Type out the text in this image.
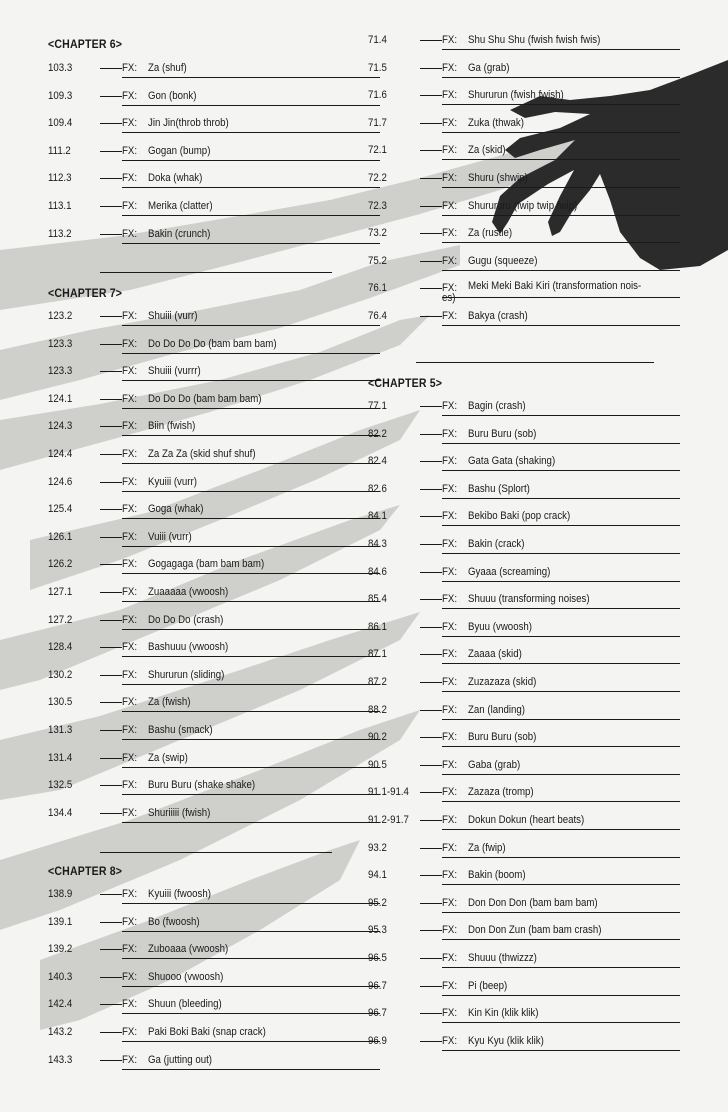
<CHAPTER 6>
103.3	FX: Za (shuf)
109.3	FX: Gon (bonk)
109.4	FX: Jin Jin(throb throb)
111.2	FX: Gogan (bump)
112.3	FX: Doka (whak)
113.1	FX: Merika (clatter)
113.2	FX: Bakin (crunch)
<CHAPTER 7>
123.2	FX: Shuiii (vurr)
123.3	FX: Do Do Do Do (bam bam bam)
123.3	FX: Shuiii (vurrr)
124.1	FX: Do Do Do (bam bam bam)
124.3	FX: Biin (fwish)
124.4	FX: Za Za Za (skid shuf shuf)
124.6	FX: Kyuiii (vurr)
125.4	FX: Goga (whak)
126.1	FX: Vuiii (vurr)
126.2	FX: Gogagaga (bam bam bam)
127.1	FX: Zuaaaaa (vwoosh)
127.2	FX: Do Do Do (crash)
128.4	FX: Bashuuu (vwoosh)
130.2	FX: Shururun (sliding)
130.5	FX: Za (fwish)
131.3	FX: Bashu (smack)
131.4	FX: Za (swip)
132.5	FX: Buru Buru (shake shake)
134.4	FX: Shuriiiii (fwish)
<CHAPTER 8>
138.9	FX: Kyuiii (fwoosh)
139.1	FX: Bo (fwoosh)
139.2	FX: Zuboaaa (vwoosh)
140.3	FX: Shuooo (vwoosh)
142.4	FX: Shuun (bleeding)
143.2	FX: Paki Boki Baki (snap crack)
143.3	FX: Ga (jutting out)
71.4	FX: Shu Shu Shu (fwish fwish fwis)
71.5	FX: Ga (grab)
71.6	FX: Shururun (fwish fwish)
71.7	FX: Zuka (thwak)
72.1	FX: Za (skid)
72.2	FX: Shuru (shwip)
72.3	FX: Shurururu (fwip twip fwip)
73.2	FX: Za (rustle)
75.2	FX: Gugu (squeeze)
76.1	FX: Meki Meki Baki Kiri (transformation nois-
es)
76.4	FX: Bakya (crash)
<CHAPTER 5>
77.1	FX: Bagin (crash)
82.2	FX: Buru Buru (sob)
82.4	FX: Gata Gata (shaking)
82.6	FX: Bashu (Splort)
84.1	FX: Bekibo Baki (pop crack)
84.3	FX: Bakin (crack)
84.6	FX: Gyaaa (screaming)
85.4	FX: Shuuu (transforming noises)
86.1	FX: Byuu (vwoosh)
87.1	FX: Zaaaa (skid)
87.2	FX: Zuzazaza (skid)
88.2	FX: Zan (landing)
90.2	FX: Buru Buru (sob)
90.5	FX: Gaba (grab)
91.1-91.4	FX: Zazaza (tromp)
91.2-91.7	FX: Dokun Dokun (heart beats)
93.2	FX: Za (fwip)
94.1	FX: Bakin (boom)
95.2	FX: Don Don Don (bam bam bam)
95.3	FX: Don Don Zun (bam bam crash)
96.5	FX: Shuuu (thwizzz)
96.7	FX: Pi (beep)
96.7	FX: Kin Kin (klik klik)
96.9	FX: Kyu Kyu (klik klik)
